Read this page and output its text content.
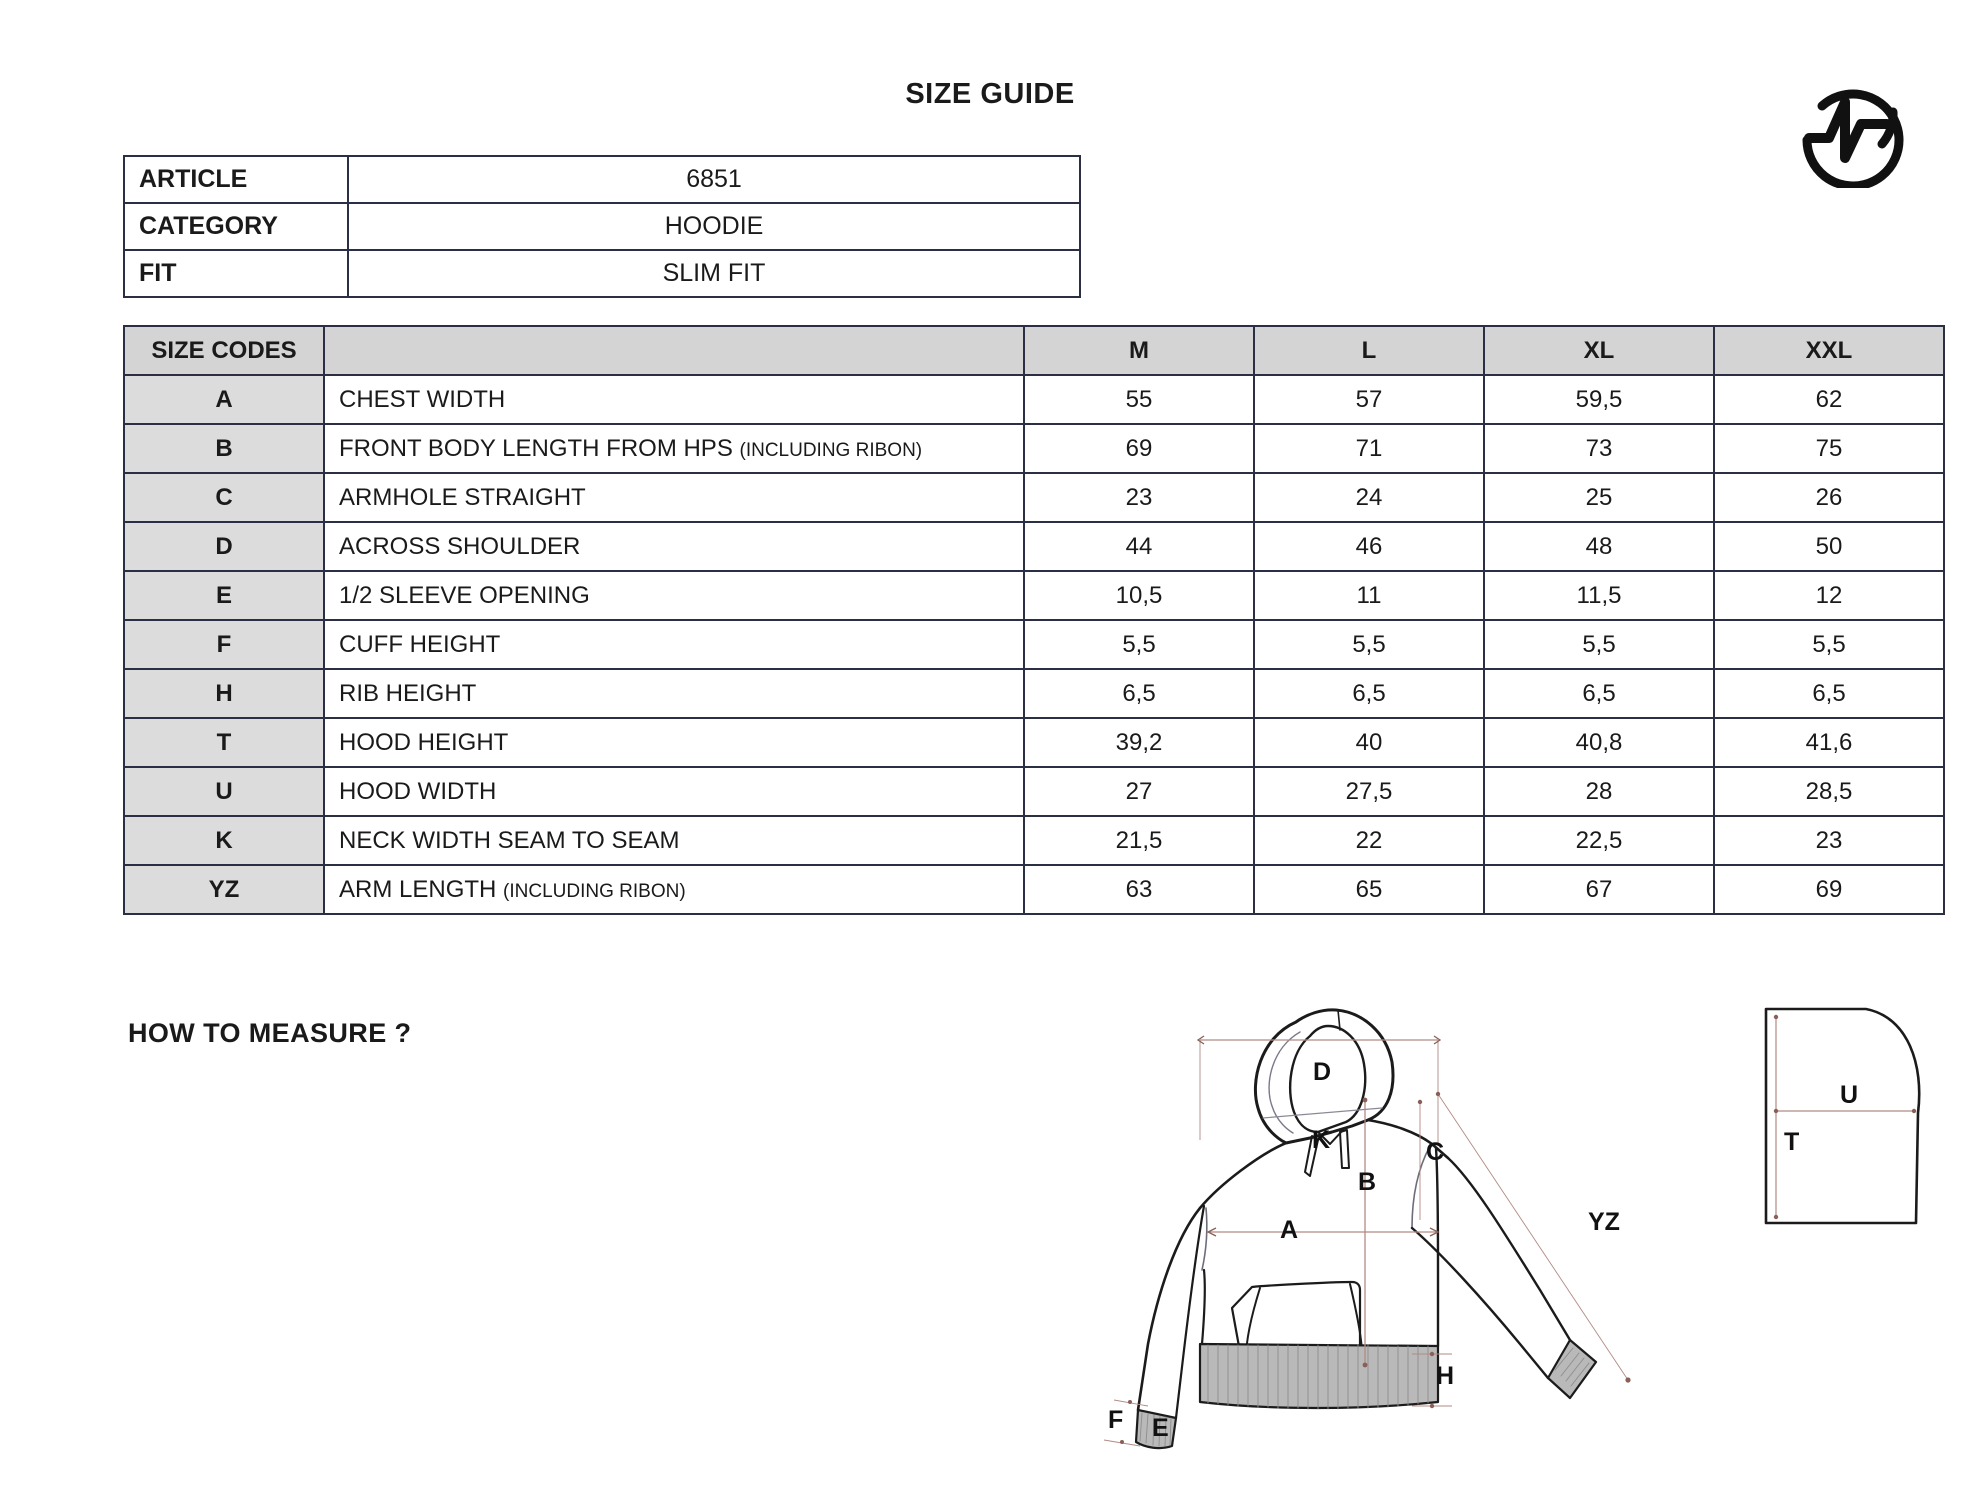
SIZE GUIDE
ARTICLE	6851
CATEGORY	HOODIE
FIT	SLIM FIT
SIZE CODES		M	L	XL	XXL
A	CHEST WIDTH	55	57	59,5	62
B	FRONT BODY LENGTH FROM HPS (INCLUDING RIBON)	69	71	73	75
C	ARMHOLE STRAIGHT	23	24	25	26
D	ACROSS SHOULDER	44	46	48	50
E	1/2 SLEEVE OPENING	10,5	11	11,5	12
F	CUFF HEIGHT	5,5	5,5	5,5	5,5
H	RIB HEIGHT	6,5	6,5	6,5	6,5
T	HOOD HEIGHT	39,2	40	40,8	41,6
U	HOOD WIDTH	27	27,5	28	28,5
K	NECK WIDTH SEAM TO SEAM	21,5	22	22,5	23
YZ	ARM LENGTH (INCLUDING RIBON)	63	65	67	69
HOW TO MEASURE ?
D
K	C
B
A	YZ
H
F E
U
T
